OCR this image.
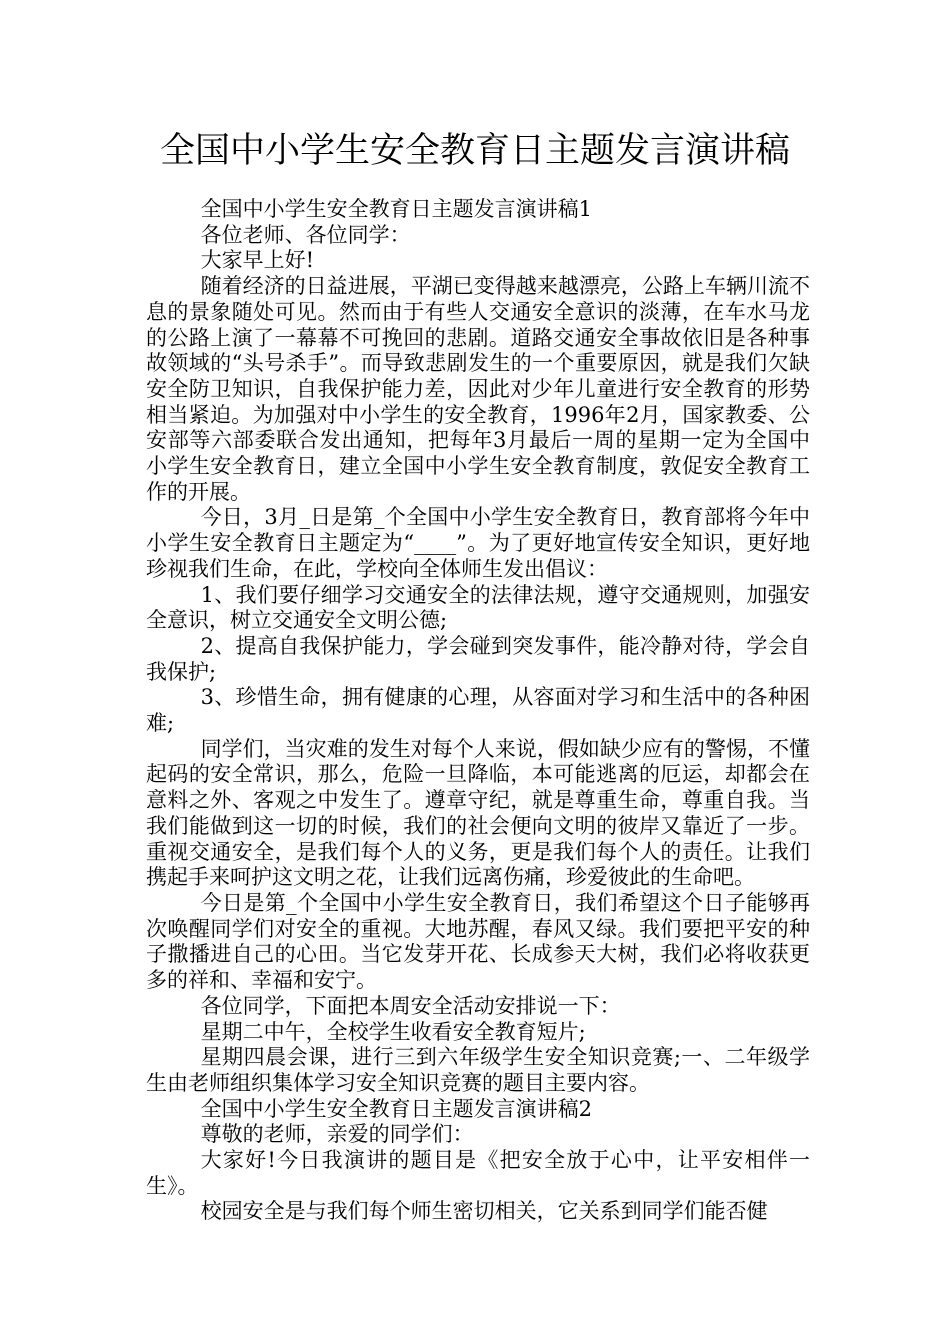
全国中小学生安全教育日主题发言演讲稿

全国中小学生安全教育日主题发言演讲稿1

各位老师、各位同学：

大家早上好!

随着经济的日益进展，平湖已变得越来越漂亮，公路上车辆川流不息的景象随处可见。然而由于有些人交通安全意识的淡薄，在车水马龙的公路上演了一幕幕不可挽回的悲剧。道路交通安全事故依旧是各种事故领域的“头号杀手”。而导致悲剧发生的一个重要原因，就是我们欠缺安全防卫知识，自我保护能力差，因此对少年儿童进行安全教育的形势相当紧迫。为加强对中小学生的安全教育，1996年2月，国家教委、公安部等六部委联合发出通知，把每年3月最后一周的星期一定为全国中小学生安全教育日，建立全国中小学生安全教育制度，敦促安全教育工作的开展。

今日，3月_日是第_个全国中小学生安全教育日，教育部将今年中小学生安全教育日主题定为“____”。为了更好地宣传安全知识，更好地珍视我们生命，在此，学校向全体师生发出倡议：

1、我们要仔细学习交通安全的法律法规，遵守交通规则，加强安全意识，树立交通安全文明公德;

2、提高自我保护能力，学会碰到突发事件，能冷静对待，学会自我保护;

3、珍惜生命，拥有健康的心理，从容面对学习和生活中的各种困难;

同学们，当灾难的发生对每个人来说，假如缺少应有的警惕，不懂起码的安全常识，那么，危险一旦降临，本可能逃离的厄运，却都会在意料之外、客观之中发生了。遵章守纪，就是尊重生命，尊重自我。当我们能做到这一切的时候，我们的社会便向文明的彼岸又靠近了一步。重视交通安全，是我们每个人的义务，更是我们每个人的责任。让我们携起手来呵护这文明之花，让我们远离伤痛，珍爱彼此的生命吧。

今日是第_个全国中小学生安全教育日，我们希望这个日子能够再次唤醒同学们对安全的重视。大地苏醒，春风又绿。我们要把平安的种子撒播进自己的心田。当它发芽开花、长成参天大树，我们必将收获更多的祥和、幸福和安宁。

各位同学，下面把本周安全活动安排说一下：

星期二中午，全校学生收看安全教育短片;

星期四晨会课，进行三到六年级学生安全知识竞赛;一、二年级学生由老师组织集体学习安全知识竞赛的题目主要内容。

全国中小学生安全教育日主题发言演讲稿2

尊敬的老师，亲爱的同学们：

大家好!今日我演讲的题目是《把安全放于心中，让平安相伴一生》。

校园安全是与我们每个师生密切相关，它关系到同学们能否健
